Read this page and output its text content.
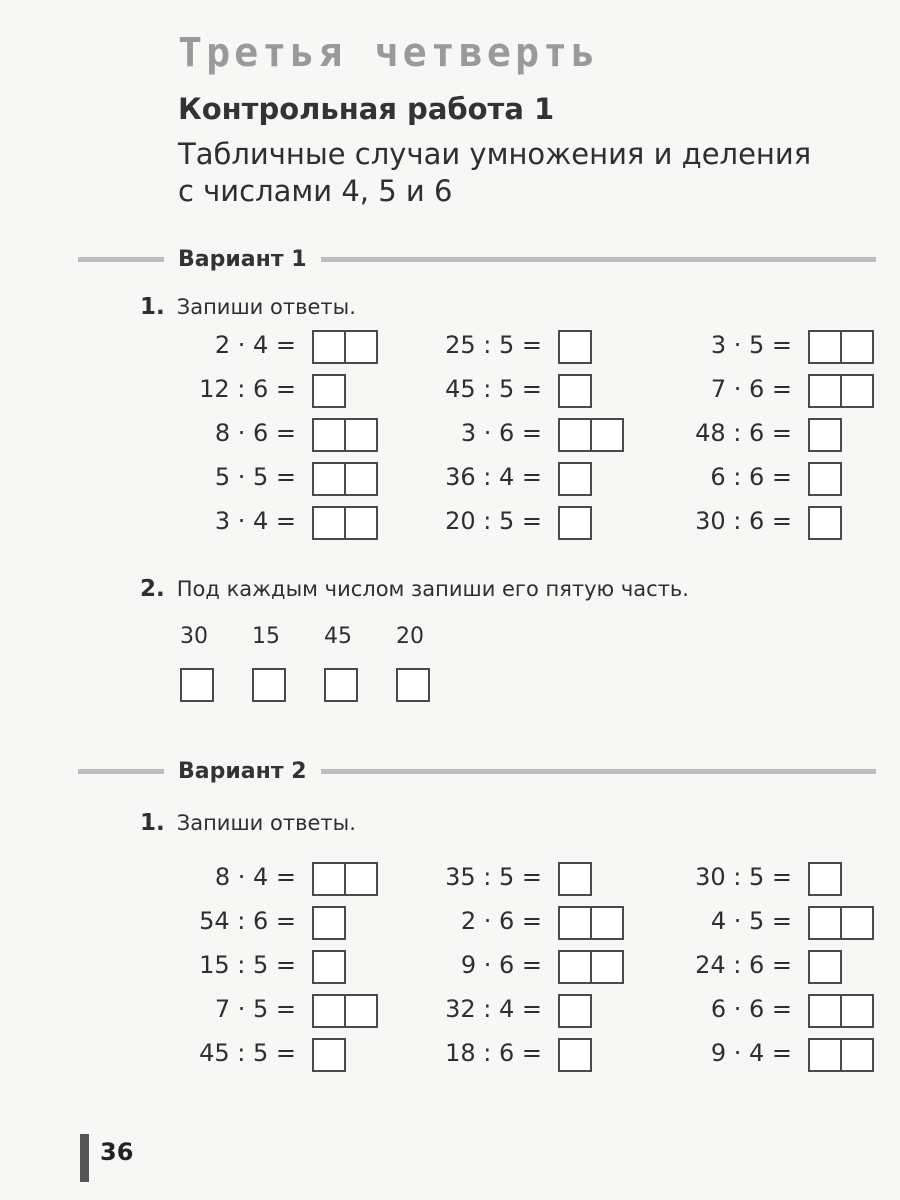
Третья четверть
Контрольная работа 1
Табличные случаи умножения и деления
с числами 4, 5 и 6
Вариант 1
1. Запиши ответы.
2 · 4 =
12 : 6 =
8 · 6 =
5 · 5 =
3 · 4 =
25 : 5 =
45 : 5 =
3 · 6 =
36 : 4 =
20 : 5 =
3 · 5 =
7 · 6 =
48 : 6 =
6 : 6 =
30 : 6 =
2. Под каждым числом запиши его пятую часть.
30 15 45 20
Вариант 2
1. Запиши ответы.
8 · 4 =
54 : 6 =
15 : 5 =
7 · 5 =
45 : 5 =
35 : 5 =
2 · 6 =
9 · 6 =
32 : 4 =
18 : 6 =
30 : 5 =
4 · 5 =
24 : 6 =
6 · 6 =
9 · 4 =
36
